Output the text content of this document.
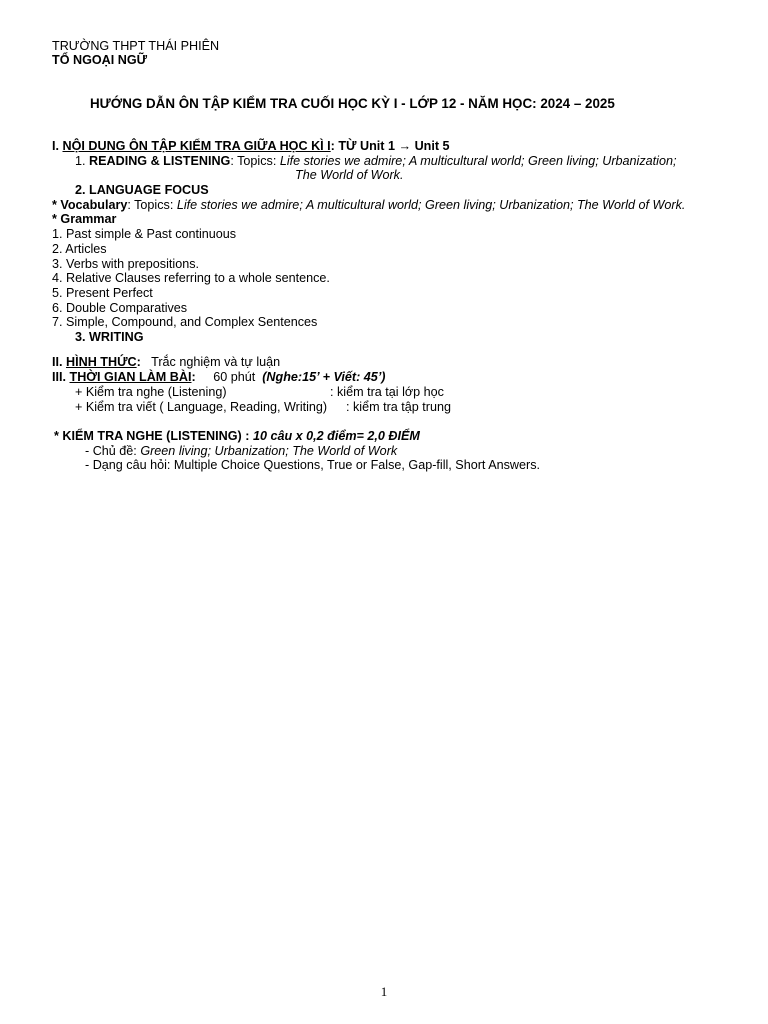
TRƯỜNG THPT THÁI PHIÊN
TỔ NGOẠI NGỮ
HƯỚNG DẪN ÔN TẬP KIỂM TRA CUỐI HỌC KỲ I - LỚP 12 - NĂM HỌC: 2024 – 2025
I. NỘI DUNG ÔN TẬP KIỂM TRA GIỮA HỌC KÌ I: TỪ Unit 1 → Unit 5
1. READING & LISTENING: Topics: Life stories we admire; A multicultural world; Green living; Urbanization;
The World of Work.
2. LANGUAGE FOCUS
* Vocabulary: Topics: Life stories we admire; A multicultural world; Green living; Urbanization; The World of Work.
* Grammar
1. Past simple & Past continuous
2. Articles
3. Verbs with prepositions.
4. Relative Clauses referring to a whole sentence.
5. Present Perfect
6. Double Comparatives
7. Simple, Compound, and Complex Sentences
3. WRITING
II. HÌNH THỨC: Trắc nghiệm và tự luận
III. THỜI GIAN LÀM BÀI: 60 phút (Nghe:15’ + Viết: 45’)
+ Kiểm tra nghe (Listening)	: kiểm tra tại lớp học
+ Kiểm tra viết ( Language, Reading, Writing) : kiểm tra tập trung
* KIỂM TRA NGHE (LISTENING) : 10 câu x 0,2 điểm= 2,0 ĐIỂM
- Chủ đề: Green living; Urbanization; The World of Work
- Dạng câu hỏi: Multiple Choice Questions, True or False, Gap-fill, Short Answers.
1
